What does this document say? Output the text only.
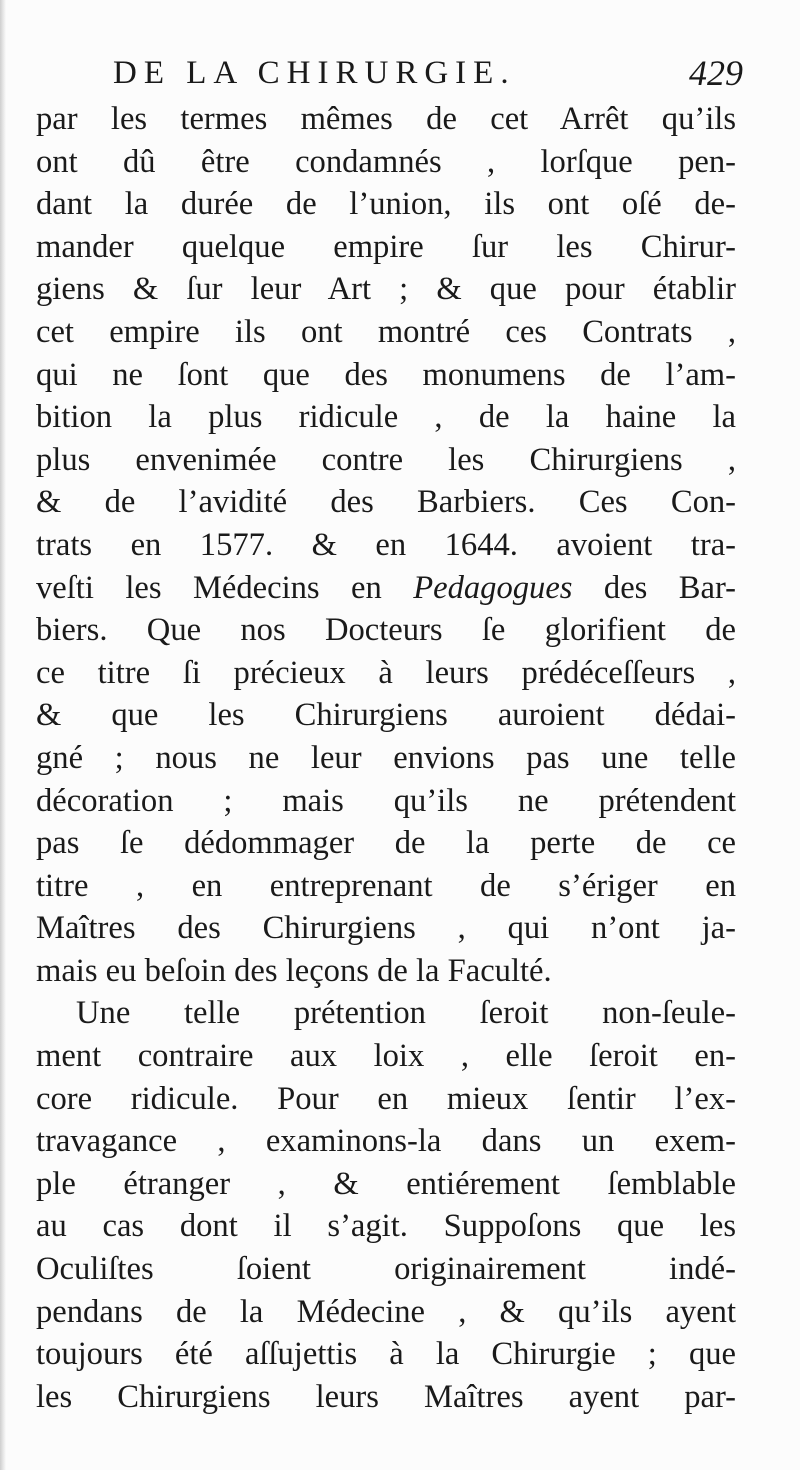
DE LA CHIRURGIE.	429
par les termes mêmes de cet Arrêt qu’ils
ont dû être condamnés , lorſque pen-
dant la durée de l’union, ils ont oſé de-
mander quelque empire ſur les Chirur-
giens & ſur leur Art ; & que pour établir
cet empire ils ont montré ces Contrats ,
qui ne ſont que des monumens de l’am-
bition la plus ridicule , de la haine la
plus envenimée contre les Chirurgiens ,
& de l’avidité des Barbiers. Ces Con-
trats en 1577. & en 1644. avoient tra-
veſti les Médecins en Pedagogues des Bar-
biers. Que nos Docteurs ſe glorifient de
ce titre ſi précieux à leurs prédéceſſeurs ,
& que les Chirurgiens auroient dédai-
gné ; nous ne leur envions pas une telle
décoration ; mais qu’ils ne prétendent
pas ſe dédommager de la perte de ce
titre , en entreprenant de s’ériger en
Maîtres des Chirurgiens , qui n’ont ja-
mais eu beſoin des leçons de la Faculté.
Une telle prétention ſeroit non-ſeule-
ment contraire aux loix , elle ſeroit en-
core ridicule. Pour en mieux ſentir l’ex-
travagance , examinons-la dans un exem-
ple étranger , & entiérement ſemblable
au cas dont il s’agit. Suppoſons que les
Oculiſtes ſoient originairement indé-
pendans de la Médecine , & qu’ils ayent
toujours été aſſujettis à la Chirurgie ; que
les Chirurgiens leurs Maîtres ayent par-
